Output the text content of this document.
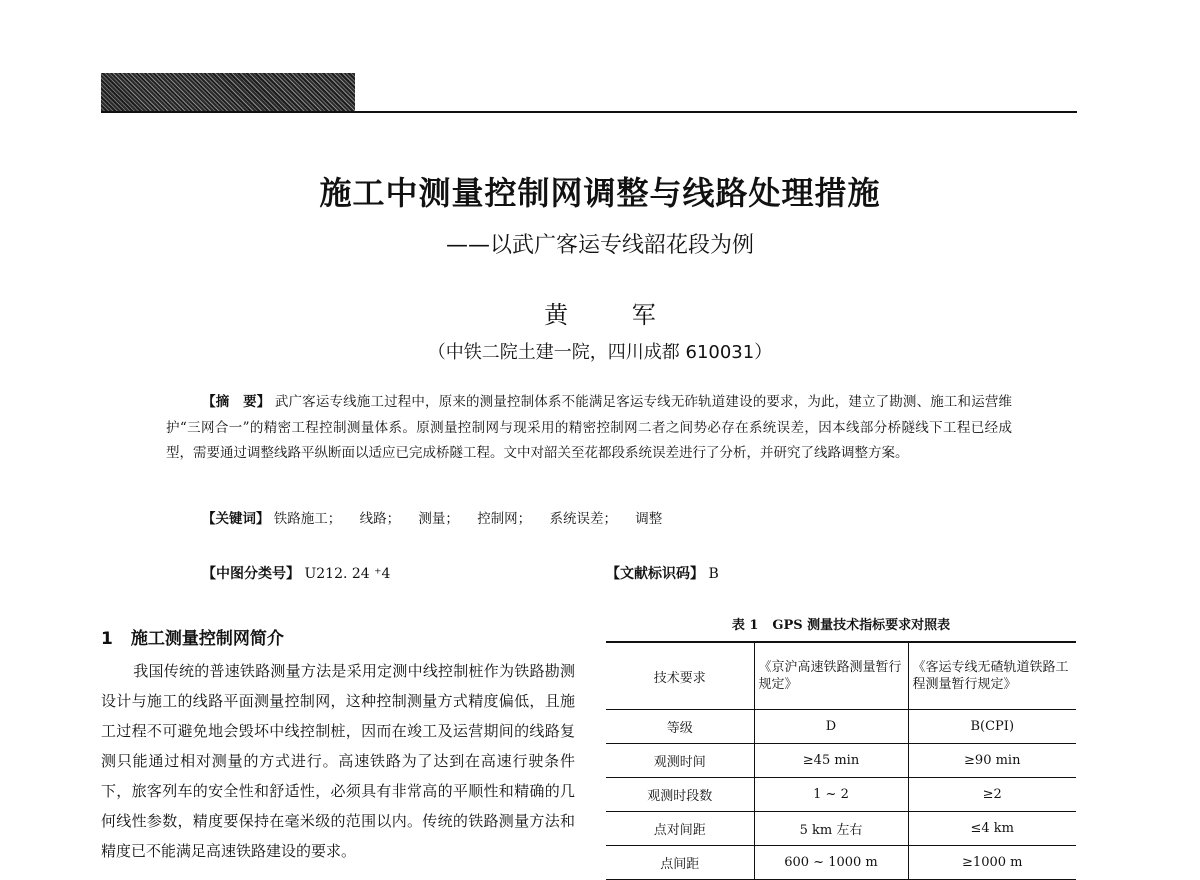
施工中测量控制网调整与线路处理措施
——以武广客运专线韶花段为例
黄 军
（中铁二院土建一院，四川成都 610031）
【摘　要】 武广客运专线施工过程中，原来的测量控制体系不能满足客运专线无砟轨道建设的要求，为此，建立了勘测、施工和运营维护“三网合一”的精密工程控制测量体系。原测量控制网与现采用的精密控制网二者之间势必存在系统误差，因本线部分桥隧线下工程已经成型，需要通过调整线路平纵断面以适应已完成桥隧工程。文中对韶关至花都段系统误差进行了分析，并研究了线路调整方案。
【关键词】 铁路施工； 线路； 测量； 控制网； 系统误差； 调整
【中图分类号】 U212. 24 ⁺4	【文献标识码】 B
1 施工测量控制网简介
我国传统的普速铁路测量方法是采用定测中线控制桩作为铁路勘测设计与施工的线路平面测量控制网，这种控制测量方式精度偏低，且施工过程不可避免地会毁坏中线控制桩，因而在竣工及运营期间的线路复测只能通过相对测量的方式进行。高速铁路为了达到在高速行驶条件下，旅客列车的安全性和舒适性，必须具有非常高的平顺性和精确的几何线性参数，精度要保持在毫米级的范围以内。传统的铁路测量方法和精度已不能满足高速铁路建设的要求。
表 1 GPS 测量技术指标要求对照表
技术要求	《京沪高速铁路测量暂行规定》	《客运专线无碴轨道铁路工程测量暂行规定》
等级	D	B(CPI)
观测时间	≥45 min	≥90 min
观测时段数	1 ~ 2	≥2
点对间距	5 km 左右	≤4 km
点间距	600 ~ 1000 m	≥1000 m
